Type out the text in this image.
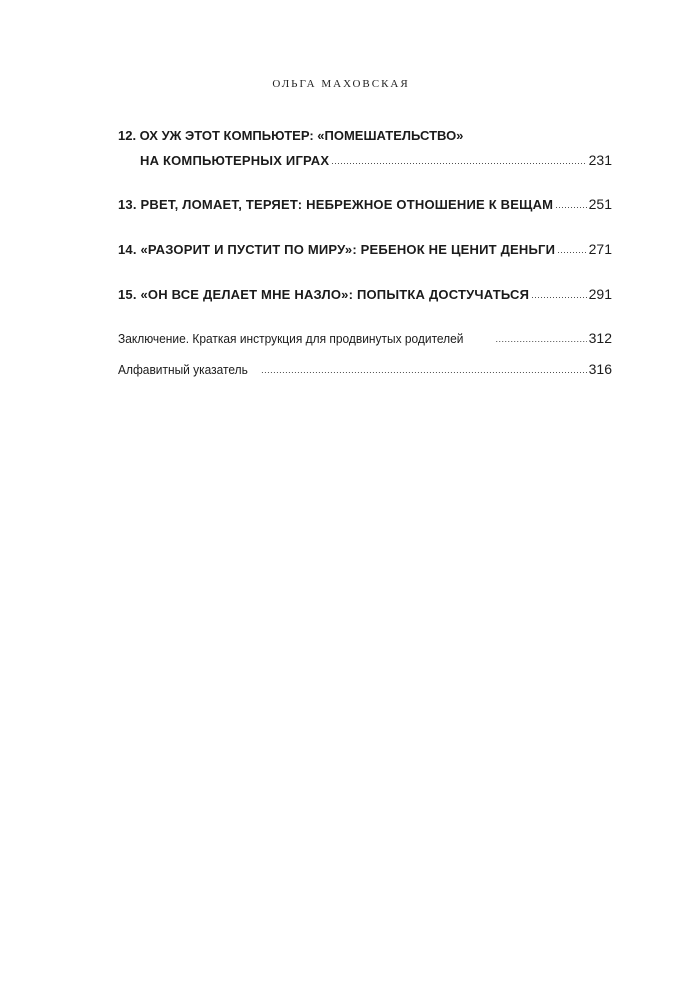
ОЛЬГА МАХОВСКАЯ
12. ОХ УЖ ЭТОТ КОМПЬЮТЕР: «ПОМЕШАТЕЛЬСТВО»
НА КОМПЬЮТЕРНЫХ ИГРАХ .....	231
13. РВЕТ, ЛОМАЕТ, ТЕРЯЕТ: НЕБРЕЖНОЕ ОТНОШЕНИЕ К ВЕЩАМ .....	251
14. «РАЗОРИТ И ПУСТИТ ПО МИРУ»: РЕБЕНОК НЕ ЦЕНИТ ДЕНЬГИ ..... 271
15. «ОН ВСЕ ДЕЛАЕТ МНЕ НАЗЛО»: ПОПЫТКА ДОСТУЧАТЬСЯ .....	291
Заключение. Краткая инструкция для продвинутых родителей .....	312
Алфавитный указатель .....	316
